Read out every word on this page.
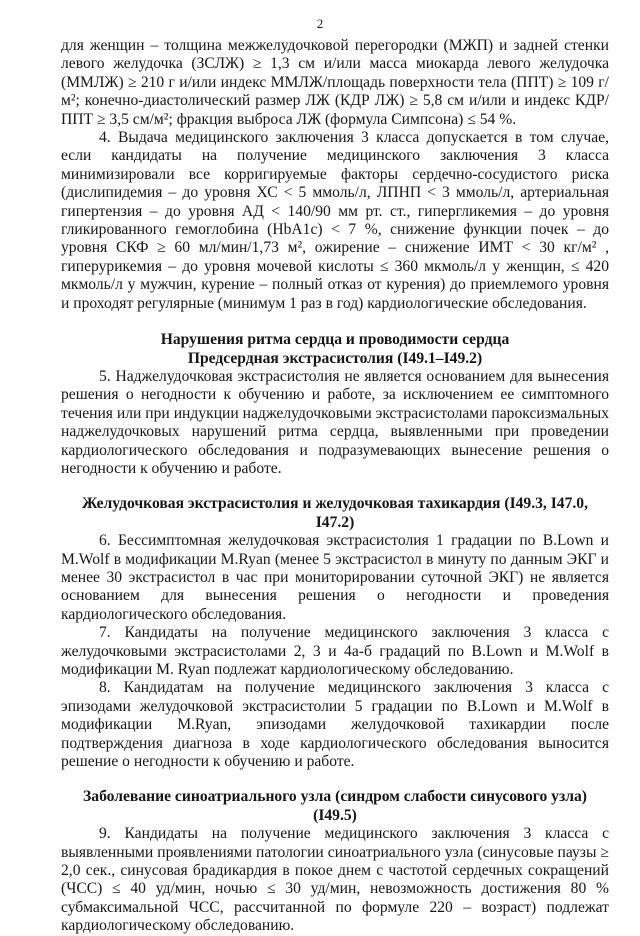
2

для женщин – толщина межжелудочковой перегородки (МЖП) и задней стенки левого желудочка (ЗСЛЖ) ≥ 1,3 см и/или масса миокарда левого желудочка (ММЛЖ) ≥ 210 г и/или индекс ММЛЖ/площадь поверхности тела (ППТ) ≥ 109 г/м²; конечно-диастолический размер ЛЖ (КДР ЛЖ) ≥ 5,8 см и/или и индекс КДР/ППТ ≥ 3,5 см/м²; фракция выброса ЛЖ (формула Симпсона) ≤ 54 %.

4. Выдача медицинского заключения 3 класса допускается в том случае, если кандидаты на получение медицинского заключения 3 класса минимизировали все корригируемые факторы сердечно-сосудистого риска (дислипидемия – до уровня ХС < 5 ммоль/л, ЛПНП < 3 ммоль/л, артериальная гипертензия – до уровня АД < 140/90 мм рт. ст., гипергликемия – до уровня гликированного гемоглобина (HbA1c) < 7 %, снижение функции почек – до уровня СКФ ≥ 60 мл/мин/1,73 м², ожирение – снижение ИМТ < 30 кг/м² , гиперурикемия – до уровня мочевой кислоты ≤ 360 мкмоль/л у женщин, ≤ 420 мкмоль/л у мужчин, курение – полный отказ от курения) до приемлемого уровня и проходят регулярные (минимум 1 раз в год) кардиологические обследования.

Нарушения ритма сердца и проводимости сердца
Предсердная экстрасистолия (I49.1–I49.2)

5. Наджелудочковая экстрасистолия не является основанием для вынесения решения о негодности к обучению и работе, за исключением ее симптомного течения или при индукции наджелудочковыми экстрасистолами пароксизмальных наджелудочковых нарушений ритма сердца, выявленными при проведении кардиологического обследования и подразумевающих вынесение решения о негодности к обучению и работе.

Желудочковая экстрасистолия и желудочковая тахикардия (I49.3, I47.0, I47.2)

6. Бессимптомная желудочковая экстрасистолия 1 градации по B.Lown и M.Wolf в модификации M.Ryan (менее 5 экстрасистол в минуту по данным ЭКГ и менее 30 экстрасистол в час при мониторировании суточной ЭКГ) не является основанием для вынесения решения о негодности и проведения кардиологического обследования.

7. Кандидаты на получение медицинского заключения 3 класса с желудочковыми экстрасистолами 2, 3 и 4а-б градаций по B.Lown и M.Wolf в модификации M. Ryan подлежат кардиологическому обследованию.

8. Кандидатам на получение медицинского заключения 3 класса с эпизодами желудочковой экстрасистолии 5 градации по B.Lown и M.Wolf в модификации M.Ryan, эпизодами желудочковой тахикардии после подтверждения диагноза в ходе кардиологического обследования выносится решение о негодности к обучению и работе.

Заболевание синоатриального узла (синдром слабости синусового узла) (I49.5)

9. Кандидаты на получение медицинского заключения 3 класса с выявленными проявлениями патологии синоатриального узла (синусовые паузы ≥ 2,0 сек., синусовая брадикардия в покое днем с частотой сердечных сокращений (ЧСС) ≤ 40 уд/мин, ночью ≤ 30 уд/мин, невозможность достижения 80 % субмаксимальной ЧСС, рассчитанной по формуле 220 – возраст) подлежат кардиологическому обследованию.
